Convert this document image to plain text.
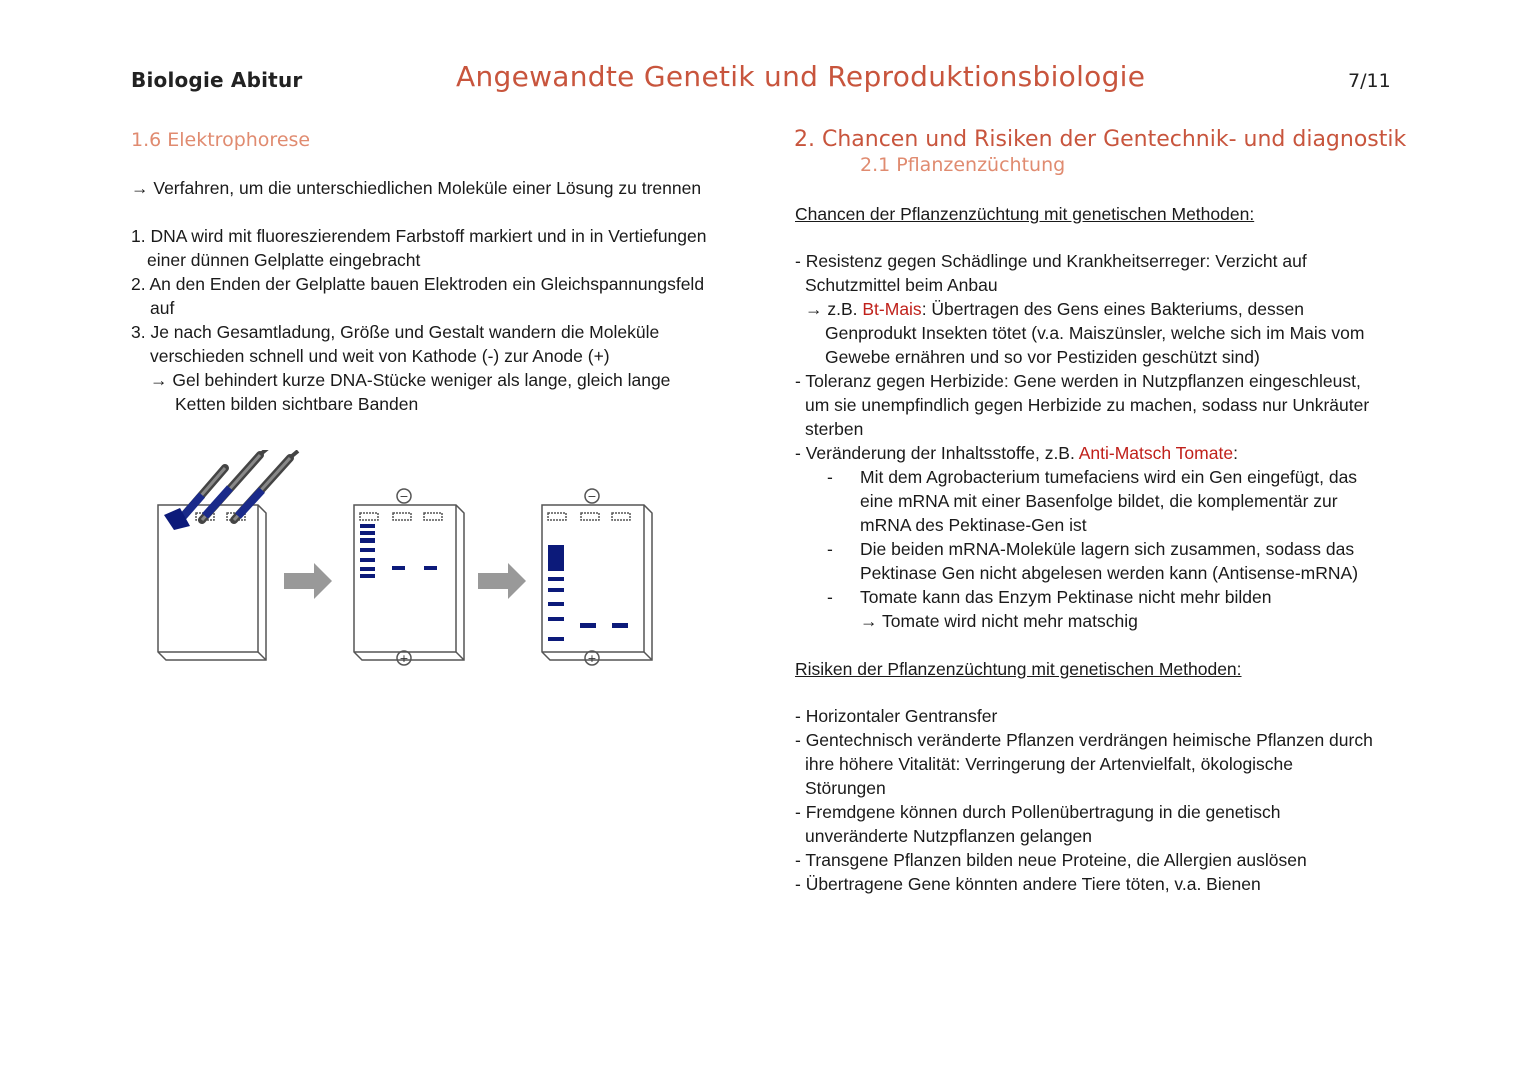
Biologie Abitur	Angewandte Genetik und Reproduktionsbiologie	7/11
1.6 Elektrophorese
→ Verfahren, um die unterschiedlichen Moleküle einer Lösung zu trennen
1. DNA wird mit fluoreszierendem Farbstoff markiert und in in Vertiefungen
einer dünnen Gelplatte eingebracht
2. An den Enden der Gelplatte bauen Elektroden ein Gleichspannungsfeld
auf
3. Je nach Gesamtladung, Größe und Gestalt wandern die Moleküle
verschieden schnell und weit von Kathode (-) zur Anode (+)
→ Gel behindert kurze DNA-Stücke weniger als lange, gleich lange
Ketten bilden sichtbare Banden
−
+
−
+
2. Chancen und Risiken der Gentechnik- und diagnostik
2.1 Pflanzenzüchtung
Chancen der Pflanzenzüchtung mit genetischen Methoden:
- Resistenz gegen Schädlinge und Krankheitserreger: Verzicht auf
Schutzmittel beim Anbau
→ z.B. Bt-Mais: Übertragen des Gens eines Bakteriums, dessen
Genprodukt Insekten tötet (v.a. Maiszünsler, welche sich im Mais vom
Gewebe ernähren und so vor Pestiziden geschützt sind)
- Toleranz gegen Herbizide: Gene werden in Nutzpflanzen eingeschleust,
um sie unempfindlich gegen Herbizide zu machen, sodass nur Unkräuter
sterben
- Veränderung der Inhaltsstoffe, z.B. Anti-Matsch Tomate:
- Mit dem Agrobacterium tumefaciens wird ein Gen eingefügt, das
eine mRNA mit einer Basenfolge bildet, die komplementär zur
mRNA des Pektinase-Gen ist
- Die beiden mRNA-Moleküle lagern sich zusammen, sodass das
Pektinase Gen nicht abgelesen werden kann (Antisense-mRNA)
- Tomate kann das Enzym Pektinase nicht mehr bilden
→ Tomate wird nicht mehr matschig
Risiken der Pflanzenzüchtung mit genetischen Methoden:
- Horizontaler Gentransfer
- Gentechnisch veränderte Pflanzen verdrängen heimische Pflanzen durch
ihre höhere Vitalität: Verringerung der Artenvielfalt, ökologische
Störungen
- Fremdgene können durch Pollenübertragung in die genetisch
unveränderte Nutzpflanzen gelangen
- Transgene Pflanzen bilden neue Proteine, die Allergien auslösen
- Übertragene Gene könnten andere Tiere töten, v.a. Bienen
